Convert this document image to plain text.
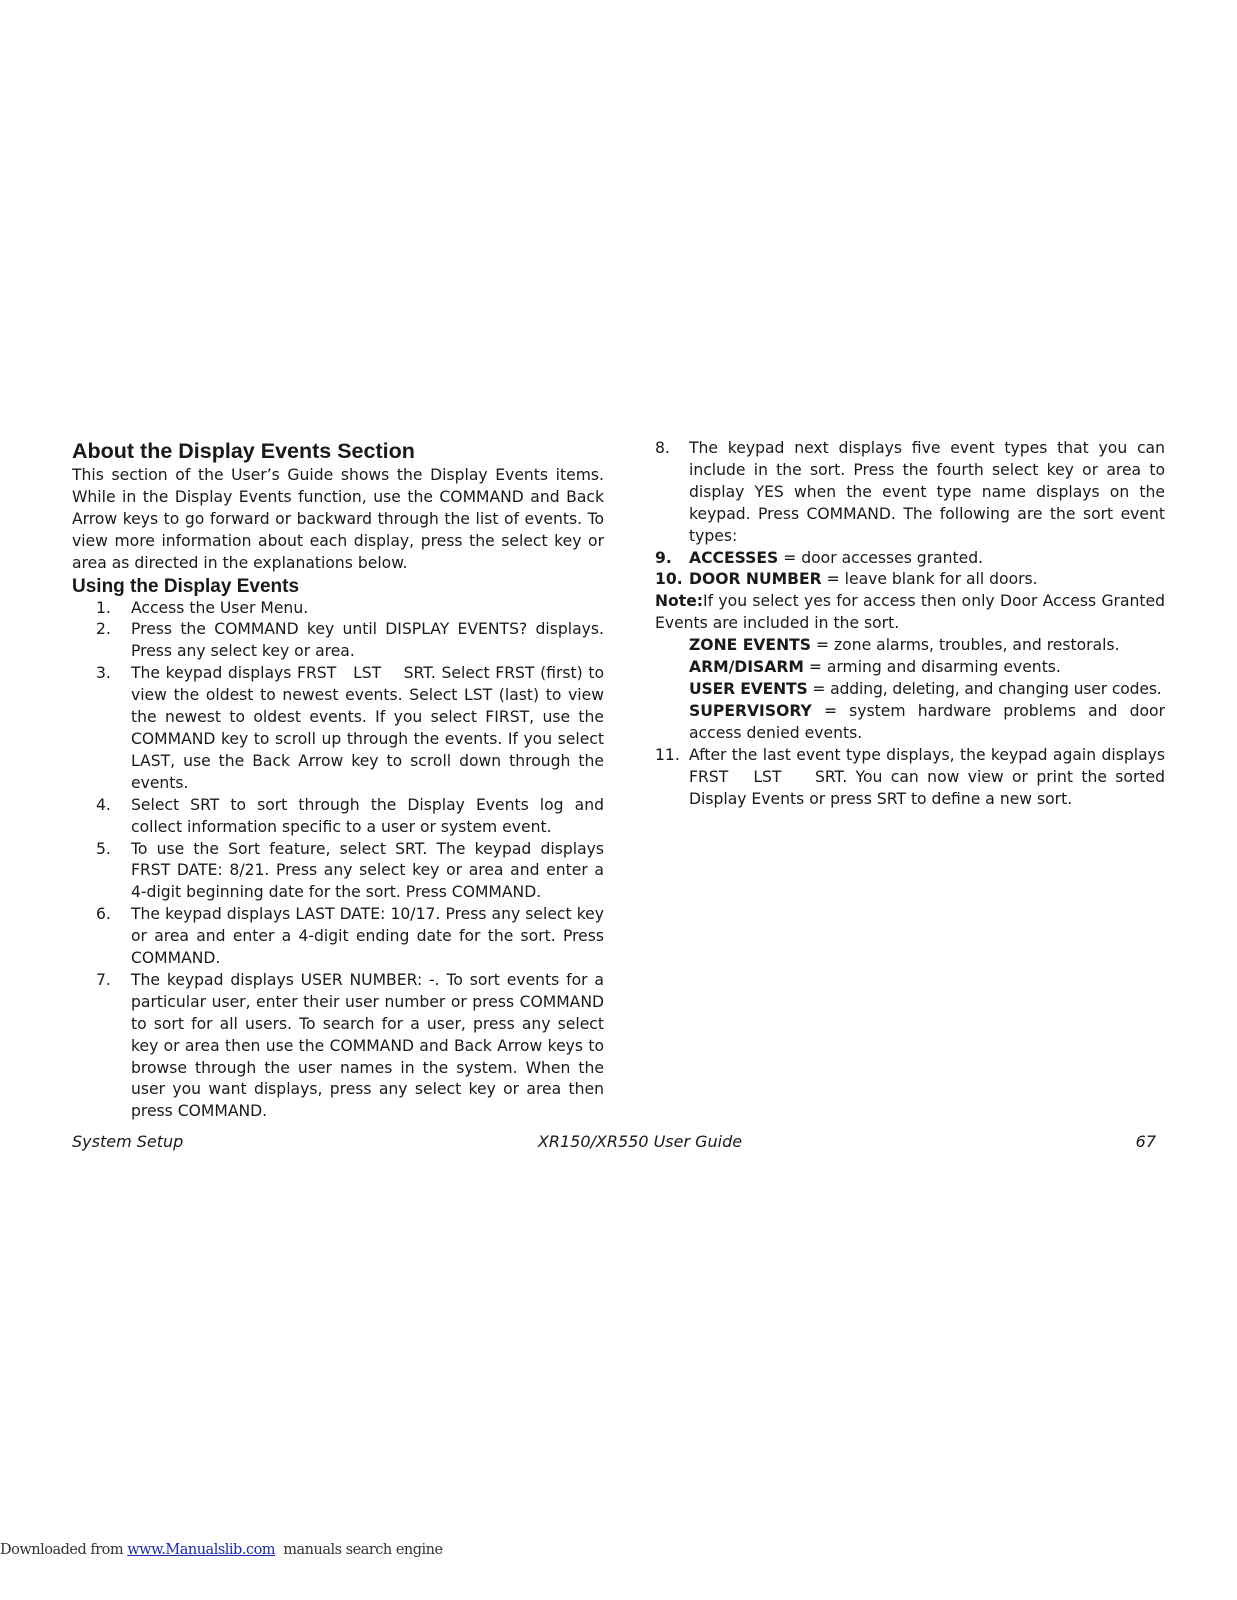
About the Display Events Section

This section of the User’s Guide shows the Display Events items. While in the Display Events function, use the COMMAND and Back Arrow keys to go forward or backward through the list of events. To view more information about each display, press the select key or area as directed in the explanations below.

Using the Display Events
1. Access the User Menu.
2. Press the COMMAND key until DISPLAY EVENTS? displays. Press any select key or area.
3. The keypad displays FRST   LST    SRT. Select FRST (first) to view the oldest to newest events. Select LST (last) to view the newest to oldest events. If you select FIRST, use the COMMAND key to scroll up through the events. If you select LAST, use the Back Arrow key to scroll down through the events.
4. Select SRT to sort through the Display Events log and collect information specific to a user or system event.
5. To use the Sort feature, select SRT. The keypad displays FRST DATE: 8/21. Press any select key or area and enter a 4-digit beginning date for the sort. Press COMMAND.
6. The keypad displays LAST DATE: 10/17. Press any select key or area and enter a 4-digit ending date for the sort. Press COMMAND.
7. The keypad displays USER NUMBER: -. To sort events for a particular user, enter their user number or press COMMAND to sort for all users. To search for a user, press any select key or area then use the COMMAND and Back Arrow keys to browse through the user names in the system. When the user you want displays, press any select key or area then press COMMAND.
8. The keypad next displays five event types that you can include in the sort. Press the fourth select key or area to display YES when the event type name displays on the keypad. Press COMMAND. The following are the sort event types:
9. ACCESSES = door accesses granted.
10. DOOR NUMBER = leave blank for all doors.

Note:If you select yes for access then only Door Access Granted Events are included in the sort.

ZONE EVENTS = zone alarms, troubles, and restorals.
ARM/DISARM = arming and disarming events.
USER EVENTS = adding, deleting, and changing user codes.
SUPERVISORY = system hardware problems and door access denied events.
11. After the last event type displays, the keypad again displays FRST   LST    SRT. You can now view or print the sorted Display Events or press SRT to define a new sort.
System Setup	XR150/XR550 User Guide	67
Downloaded from www.Manualslib.com  manuals search engine
